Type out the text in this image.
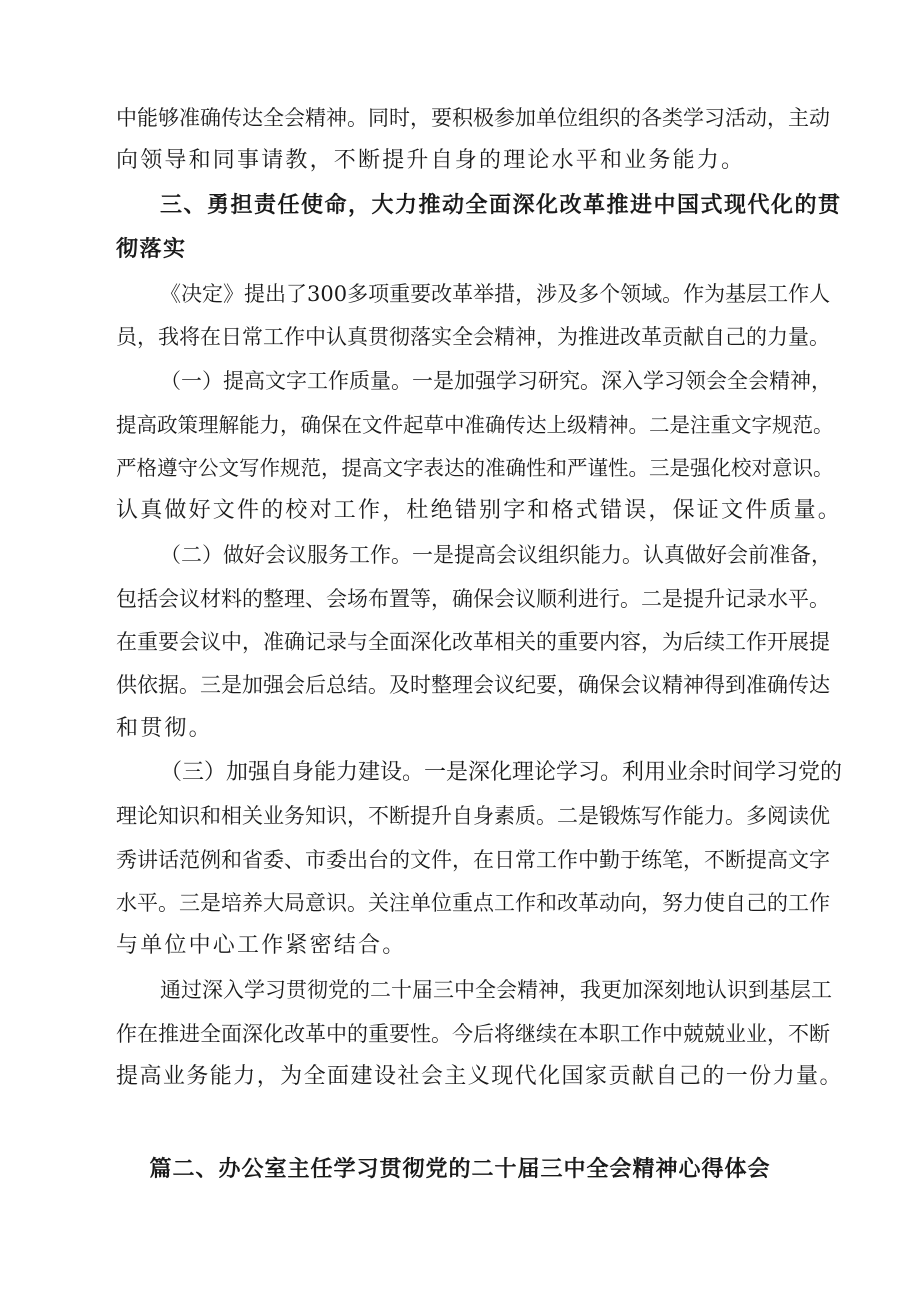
中能够准确传达全会精神。同时，要积极参加单位组织的各类学习活动，主动
向领导和同事请教，不断提升自身的理论水平和业务能力。
三、勇担责任使命，大力推动全面深化改革推进中国式现代化的贯
彻落实
《决定》提出了300多项重要改革举措，涉及多个领域。作为基层工作人
员，我将在日常工作中认真贯彻落实全会精神，为推进改革贡献自己的力量。
（一）提高文字工作质量。一是加强学习研究。深入学习领会全会精神，
提高政策理解能力，确保在文件起草中准确传达上级精神。二是注重文字规范。
严格遵守公文写作规范，提高文字表达的准确性和严谨性。三是强化校对意识。
认真做好文件的校对工作，杜绝错别字和格式错误，保证文件质量。
（二）做好会议服务工作。一是提高会议组织能力。认真做好会前准备，
包括会议材料的整理、会场布置等，确保会议顺利进行。二是提升记录水平。
在重要会议中，准确记录与全面深化改革相关的重要内容，为后续工作开展提
供依据。三是加强会后总结。及时整理会议纪要，确保会议精神得到准确传达
和贯彻。
（三）加强自身能力建设。一是深化理论学习。利用业余时间学习党的
理论知识和相关业务知识，不断提升自身素质。二是锻炼写作能力。多阅读优
秀讲话范例和省委、市委出台的文件，在日常工作中勤于练笔，不断提高文字
水平。三是培养大局意识。关注单位重点工作和改革动向，努力使自己的工作
与单位中心工作紧密结合。
通过深入学习贯彻党的二十届三中全会精神，我更加深刻地认识到基层工
作在推进全面深化改革中的重要性。今后将继续在本职工作中兢兢业业，不断
提高业务能力，为全面建设社会主义现代化国家贡献自己的一份力量。
篇二、办公室主任学习贯彻党的二十届三中全会精神心得体会
